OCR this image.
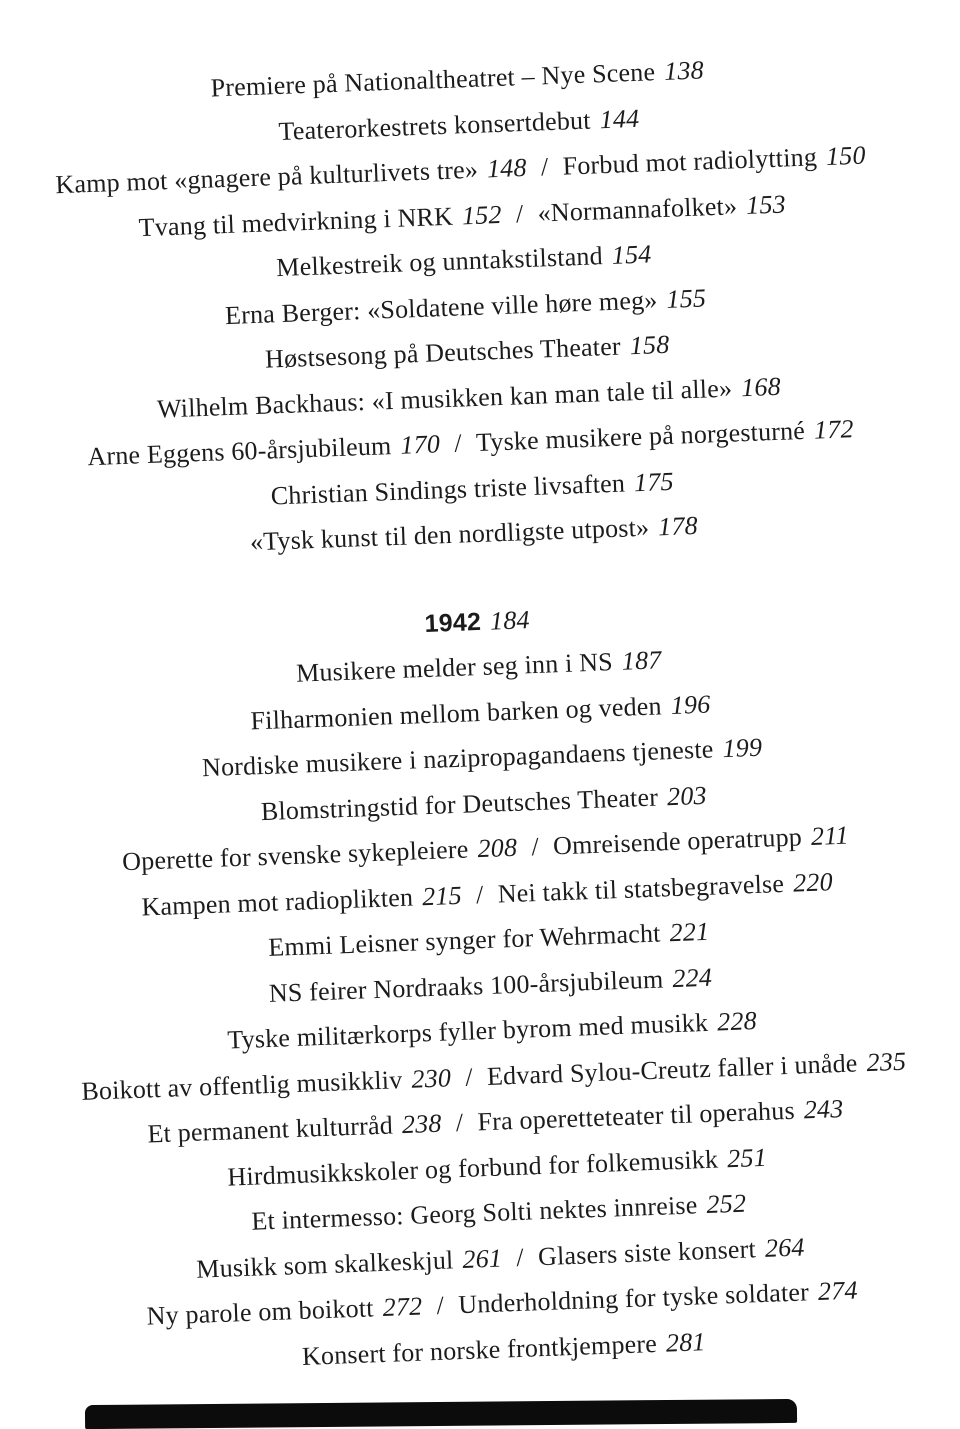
Premiere på Nationaltheatret – Nye Scene 138
Teaterorkestrets konsertdebut 144
Kamp mot «gnagere på kulturlivets tre» 148 / Forbud mot radiolytting 150
Tvang til medvirkning i NRK 152 / «Normannafolket» 153
Melkestreik og unntakstilstand 154
Erna Berger: «Soldatene ville høre meg» 155
Høstsesong på Deutsches Theater 158
Wilhelm Backhaus: «I musikken kan man tale til alle» 168
Arne Eggens 60-årsjubileum 170 / Tyske musikere på norgesturné 172
Christian Sindings triste livsaften 175
«Tysk kunst til den nordligste utpost» 178
1942 184
Musikere melder seg inn i NS 187
Filharmonien mellom barken og veden 196
Nordiske musikere i nazipropagandaens tjeneste 199
Blomstringstid for Deutsches Theater 203
Operette for svenske sykepleiere 208 / Omreisende operatrupp 211
Kampen mot radioplikten 215 / Nei takk til statsbegravelse 220
Emmi Leisner synger for Wehrmacht 221
NS feirer Nordraaks 100-årsjubileum 224
Tyske militærkorps fyller byrom med musikk 228
Boikott av offentlig musikkliv 230 / Edvard Sylou-Creutz faller i unåde 235
Et permanent kulturråd 238 / Fra operetteteater til operahus 243
Hirdmusikkskoler og forbund for folkemusikk 251
Et intermesso: Georg Solti nektes innreise 252
Musikk som skalkeskjul 261 / Glasers siste konsert 264
Ny parole om boikott 272 / Underholdning for tyske soldater 274
Konsert for norske frontkjempere 281
